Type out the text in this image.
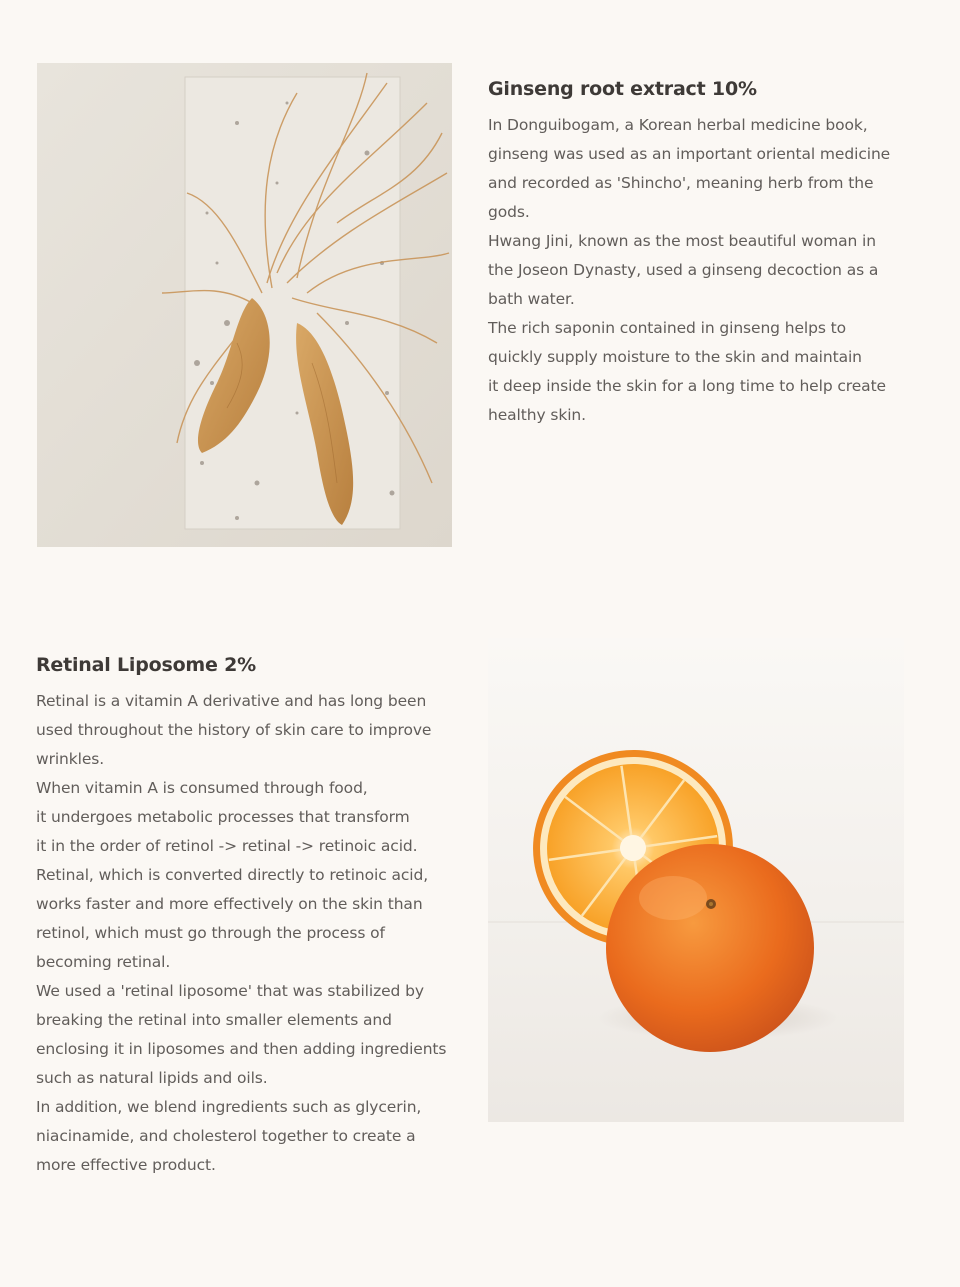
Ginseng root extract 10%

In Donguibogam, a Korean herbal medicine book,

ginseng was used as an important oriental medicine

and recorded as 'Shincho', meaning herb from the

gods.

Hwang Jini, known as the most beautiful woman in

the Joseon Dynasty, used a ginseng decoction as a

bath water.

The rich saponin contained in ginseng helps to

quickly supply moisture to the skin and maintain

it deep inside the skin for a long time to help create

healthy skin.

Retinal Liposome 2%

Retinal is a vitamin A derivative and has long been

used throughout the history of skin care to improve

wrinkles.

When vitamin A is consumed through food,

it undergoes metabolic processes that transform

it in the order of retinol -> retinal -> retinoic acid.

Retinal, which is converted directly to retinoic acid,

works faster and more effectively on the skin than

retinol, which must go through the process of

becoming retinal.

We used a 'retinal liposome' that was stabilized by

breaking the retinal into smaller elements and

enclosing it in liposomes and then adding ingredients

such as natural lipids and oils.

In addition, we blend ingredients such as glycerin,

niacinamide, and cholesterol together to create a

more effective product.
